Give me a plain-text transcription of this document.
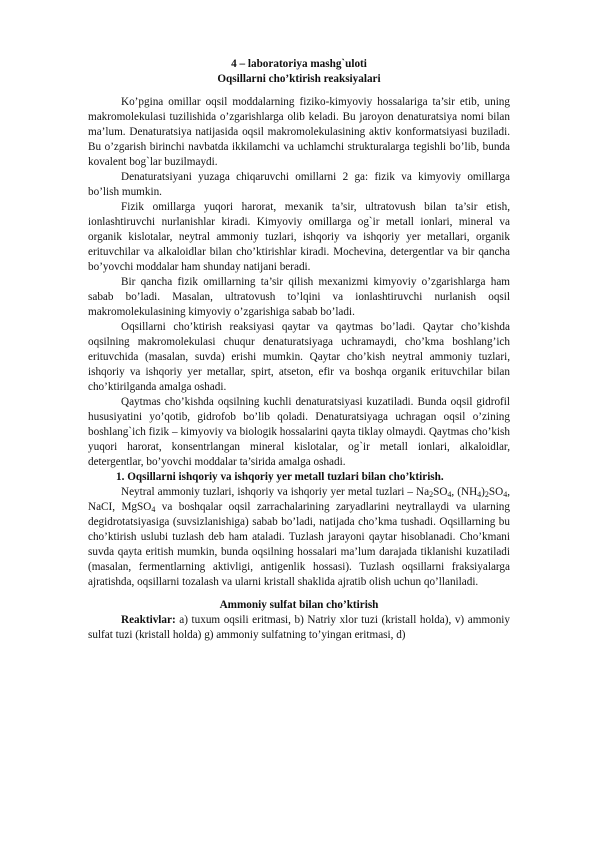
4 – laboratoriya mashg`uloti
Oqsillarni cho’ktirish reaksiyalari

Ko’pgina omillar oqsil moddalarning fiziko-kimyoviy hossalariga ta’sir etib, uning makromolekulasi tuzilishida o’zgarishlarga olib keladi. Bu jaroyon denaturatsiya nomi bilan ma’lum. Denaturatsiya natijasida oqsil makromolekulasining aktiv konformatsiyasi buziladi. Bu o’zgarish birinchi navbatda ikkilamchi va uchlamchi strukturalarga tegishli bo’lib, bunda kovalent bog`lar buzilmaydi.

Denaturatsiyani yuzaga chiqaruvchi omillarni 2 ga: fizik va kimyoviy omillarga bo’lish mumkin.

Fizik omillarga yuqori harorat, mexanik ta’sir, ultratovush bilan ta’sir etish, ionlashtiruvchi nurlanishlar kiradi. Kimyoviy omillarga og`ir metall ionlari, mineral va organik kislotalar, neytral ammoniy tuzlari, ishqoriy va ishqoriy yer metallari, organik erituvchilar va alkaloidlar bilan cho’ktirishlar kiradi. Mochevina, detergentlar va bir qancha bo’yovchi moddalar ham shunday natijani beradi.

Bir qancha fizik omillarning ta’sir qilish mexanizmi kimyoviy o’zgarishlarga ham sabab bo’ladi. Masalan, ultratovush to’lqini va ionlashtiruvchi nurlanish oqsil makromolekulasining kimyoviy o’zgarishiga sabab bo’ladi.

Oqsillarni cho’ktirish reaksiyasi qaytar va qaytmas bo’ladi. Qaytar cho’kishda oqsilning makromolekulasi chuqur denaturatsiyaga uchramaydi, cho’kma boshlang’ich erituvchida (masalan, suvda) erishi mumkin. Qaytar cho’kish neytral ammoniy tuzlari, ishqoriy va ishqoriy yer metallar, spirt, atseton, efir va boshqa organik erituvchilar bilan cho’ktirilganda amalga oshadi.

Qaytmas cho’kishda oqsilning kuchli denaturatsiyasi kuzatiladi. Bunda oqsil gidrofil hususiyatini yo’qotib, gidrofob bo’lib qoladi. Denaturatsiyaga uchragan oqsil o’zining boshlang`ich fizik – kimyoviy va biologik hossalarini qayta tiklay olmaydi. Qaytmas cho’kish yuqori harorat, konsentrlangan mineral kislotalar, og`ir metall ionlari, alkaloidlar, detergentlar, bo’yovchi moddalar ta’sirida amalga oshadi.

1. Oqsillarni ishqoriy va ishqoriy yer metall tuzlari bilan cho’ktirish.

Neytral ammoniy tuzlari, ishqoriy va ishqoriy yer metal tuzlari – $Na_2SO_4$, $(NH_4)_2SO_4$, NaCI, MgSO$_4$ va boshqalar oqsil zarrachalarining zaryadlarini neytrallaydi va ularning degidrotatsiyasiga (suvsizlanishiga) sabab bo’ladi, natijada cho’kma tushadi. Oqsillarning bu cho’ktirish uslubi tuzlash deb ham ataladi. Tuzlash jarayoni qaytar hisoblanadi. Cho’kmani suvda qayta eritish mumkin, bunda oqsilning hossalari ma’lum darajada tiklanishi kuzatiladi (masalan, fermentlarning aktivligi, antigenlik hossasi). Tuzlash oqsillarni fraksiyalarga ajratishda, oqsillarni tozalash va ularni kristall shaklida ajratib olish uchun qo’llaniladi.

Ammoniy sulfat bilan cho’ktirish

Reaktivlar: a) tuxum oqsili eritmasi, b) Natriy xlor tuzi (kristall holda), v) ammoniy sulfat tuzi (kristall holda) g) ammoniy sulfatning to’yingan eritmasi, d)
